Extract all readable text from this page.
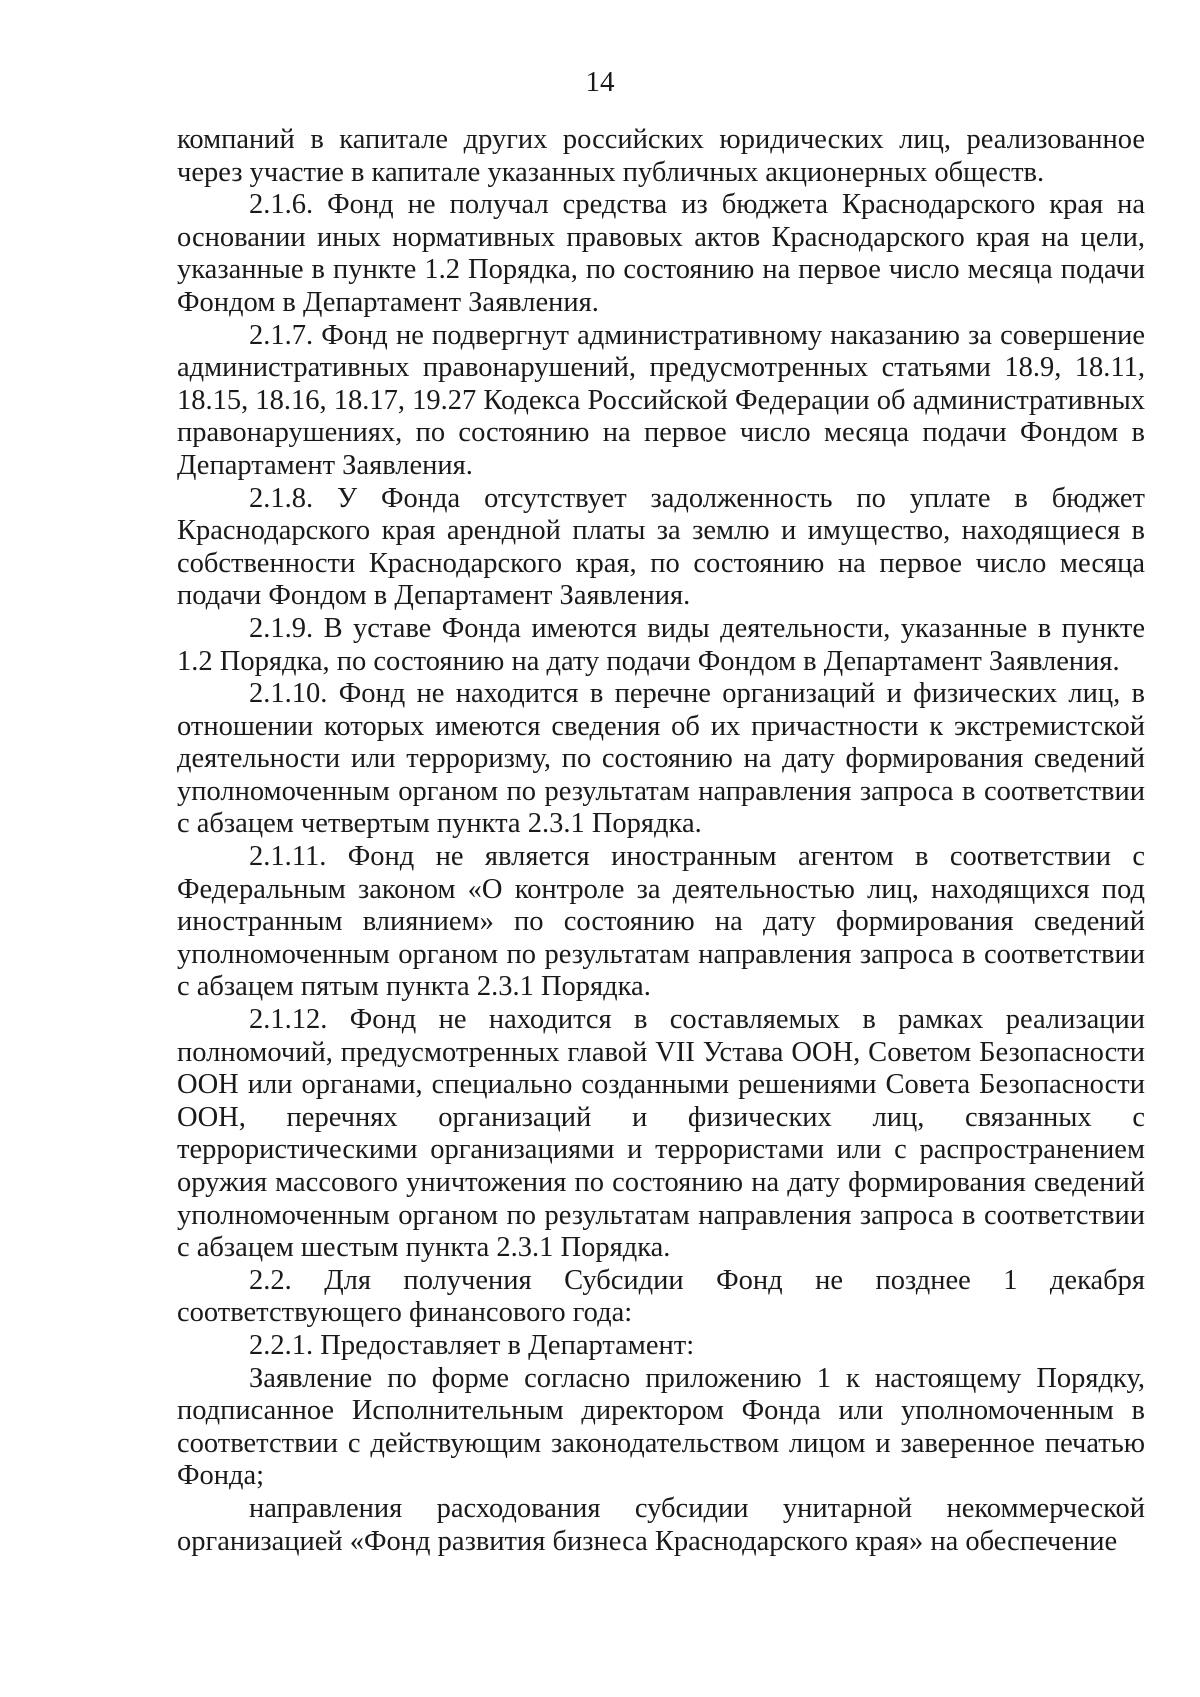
14

компаний в капитале других российских юридических лиц, реализованное через участие в капитале указанных публичных акционерных обществ.

2.1.6. Фонд не получал средства из бюджета Краснодарского края на основании иных нормативных правовых актов Краснодарского края на цели, указанные в пункте 1.2 Порядка, по состоянию на первое число месяца подачи Фондом в Департамент Заявления.

2.1.7. Фонд не подвергнут административному наказанию за совершение административных правонарушений, предусмотренных статьями 18.9, 18.11, 18.15, 18.16, 18.17, 19.27 Кодекса Российской Федерации об административных правонарушениях, по состоянию на первое число месяца подачи Фондом в Департамент Заявления.

2.1.8. У Фонда отсутствует задолженность по уплате в бюджет Краснодарского края арендной платы за землю и имущество, находящиеся в собственности Краснодарского края, по состоянию на первое число месяца подачи Фондом в Департамент Заявления.

2.1.9. В уставе Фонда имеются виды деятельности, указанные в пункте 1.2 Порядка, по состоянию на дату подачи Фондом в Департамент Заявления.

2.1.10. Фонд не находится в перечне организаций и физических лиц, в отношении которых имеются сведения об их причастности к экстремистской деятельности или терроризму, по состоянию на дату формирования сведений уполномоченным органом по результатам направления запроса в соответствии с абзацем четвертым пункта 2.3.1 Порядка.

2.1.11. Фонд не является иностранным агентом в соответствии с Федеральным законом «О контроле за деятельностью лиц, находящихся под иностранным влиянием» по состоянию на дату формирования сведений уполномоченным органом по результатам направления запроса в соответствии с абзацем пятым пункта 2.3.1 Порядка.

2.1.12. Фонд не находится в составляемых в рамках реализации полномочий, предусмотренных главой VII Устава ООН, Советом Безопасности ООН или органами, специально созданными решениями Совета Безопасности ООН, перечнях организаций и физических лиц, связанных с террористическими организациями и террористами или с распространением оружия массового уничтожения по состоянию на дату формирования сведений уполномоченным органом по результатам направления запроса в соответствии с абзацем шестым пункта 2.3.1 Порядка.

2.2. Для получения Субсидии Фонд не позднее 1 декабря соответствующего финансового года:

2.2.1. Предоставляет в Департамент:

Заявление по форме согласно приложению 1 к настоящему Порядку, подписанное Исполнительным директором Фонда или уполномоченным в соответствии с действующим законодательством лицом и заверенное печатью Фонда;

направления расходования субсидии унитарной некоммерческой организацией «Фонд развития бизнеса Краснодарского края» на обеспечение
